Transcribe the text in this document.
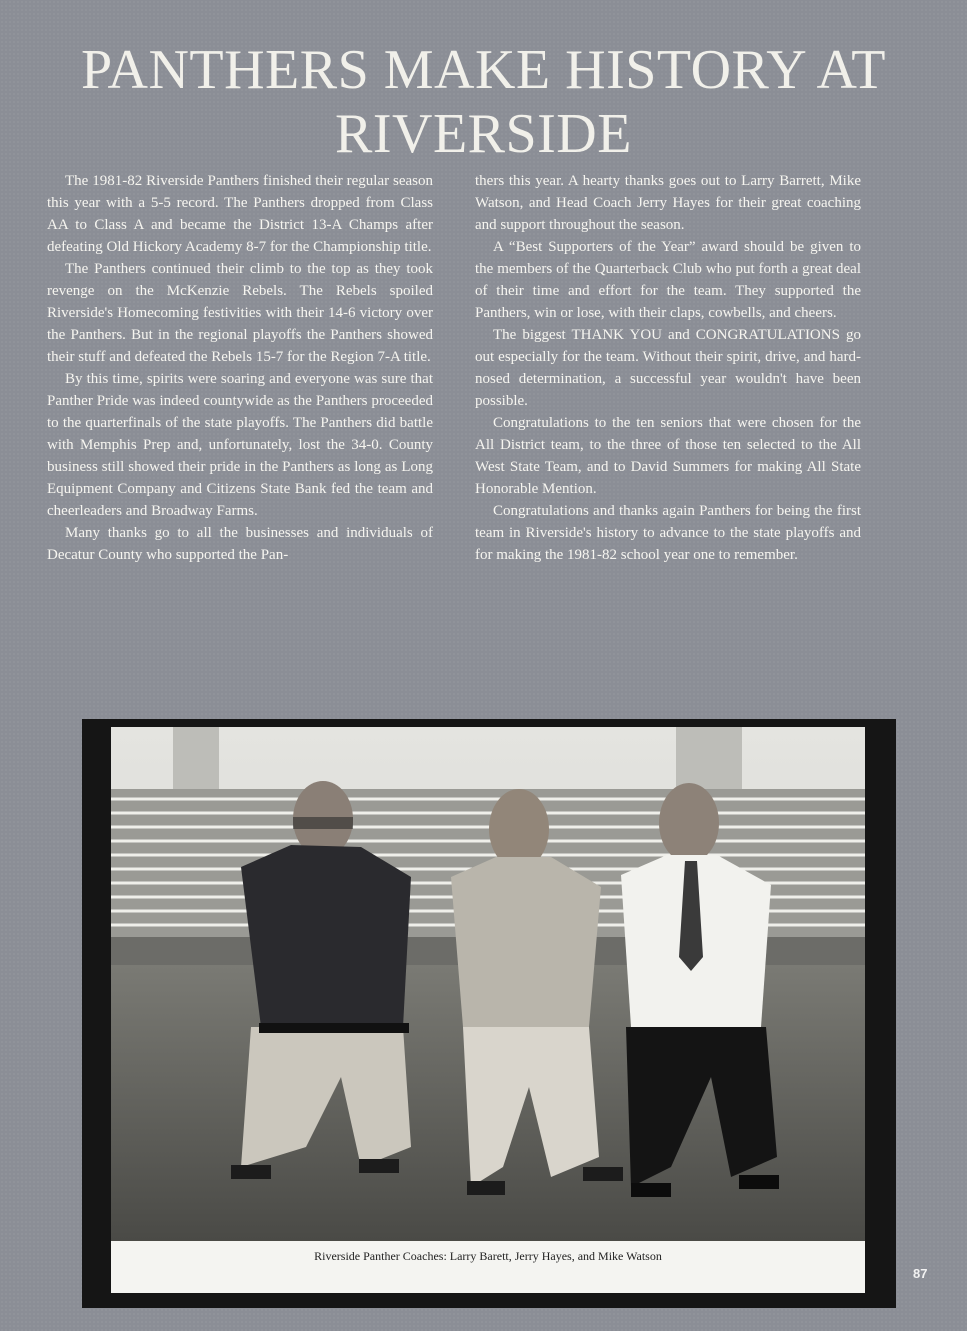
PANTHERS MAKE HISTORY AT
RIVERSIDE

The 1981-82 Riverside Panthers finished their regular season this year with a 5-5 record. The Panthers dropped from Class AA to Class A and became the District 13-A Champs after defeating Old Hickory Academy 8-7 for the Championship title.

The Panthers continued their climb to the top as they took revenge on the McKenzie Rebels. The Rebels spoiled Riverside's Homecoming festivities with their 14-6 victory over the Panthers. But in the regional playoffs the Panthers showed their stuff and defeated the Rebels 15-7 for the Region 7-A title.

By this time, spirits were soaring and everyone was sure that Panther Pride was indeed countywide as the Panthers proceeded to the quarterfinals of the state playoffs. The Panthers did battle with Memphis Prep and, unfortunately, lost the 34-0. County business still showed their pride in the Panthers as long as Long Equipment Company and Citizens State Bank fed the team and cheerleaders and Broadway Farms.

Many thanks go to all the businesses and individuals of Decatur County who supported the Pan-

thers this year. A hearty thanks goes out to Larry Barrett, Mike Watson, and Head Coach Jerry Hayes for their great coaching and support throughout the season.

A “Best Supporters of the Year” award should be given to the members of the Quarterback Club who put forth a great deal of their time and effort for the team. They supported the Panthers, win or lose, with their claps, cowbells, and cheers.

The biggest THANK YOU and CONGRATULATIONS go out especially for the team. Without their spirit, drive, and hard-nosed determination, a successful year wouldn't have been possible.

Congratulations to the ten seniors that were chosen for the All District team, to the three of those ten selected to the All West State Team, and to David Summers for making All State Honorable Mention.

Congratulations and thanks again Panthers for being the first team in Riverside's history to advance to the state playoffs and for making the 1981-82 school year one to remember.

Riverside Panther Coaches: Larry Barett, Jerry Hayes, and Mike Watson
87
